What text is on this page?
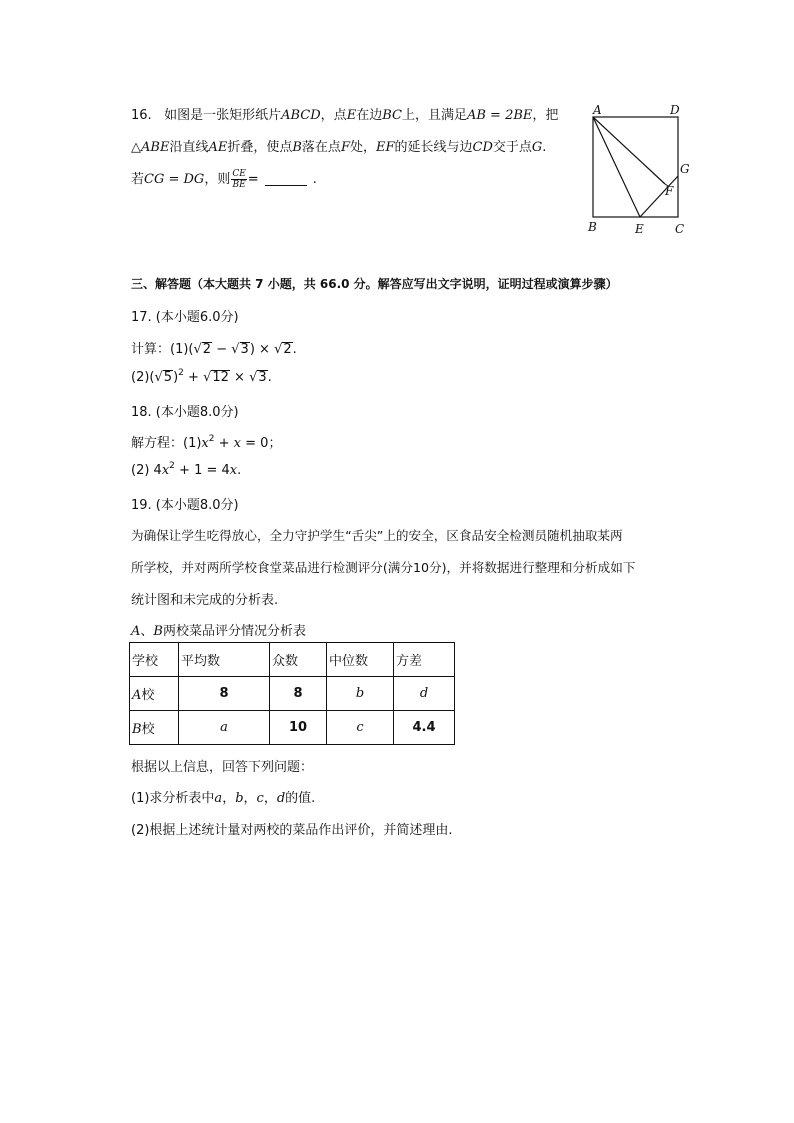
16. 如图是一张矩形纸片ABCD，点E在边BC上，且满足AB = 2BE，把
△ABE沿直线AE折叠，使点B落在点F处，EF的延长线与边CD交于点G.
若CG = DG，则 $\frac{CE}{BE}$ =	.
A	D
G
F
B	E	C
三、解答题（本大题共 7 小题，共 66.0 分。解答应写出文字说明，证明过程或演算步骤）
17. (本小题6.0分)
计算：(1)(√2 − √3) × √2.
$(2)(√5)^2 + √12 \times √3$.
18. (本小题8.0分)
解方程：$(1)x^2 + x = 0$；
(2) $4x^2 + 1 = 4x$.
19. (本小题8.0分)
为确保让学生吃得放心，全力守护学生“舌尖”上的安全，区食品安全检测员随机抽取某两
所学校，并对两所学校食堂菜品进行检测评分(满分10分)，并将数据进行整理和分析成如下
统计图和未完成的分析表.
A、B两校菜品评分情况分析表
学校	平均数	众数	中位数	方差
A校	8	8	b	d
B校	a	10	c	4.4
根据以上信息，回答下列问题：
(1)求分析表中a，b，c，d的值.
(2)根据上述统计量对两校的菜品作出评价，并简述理由.
